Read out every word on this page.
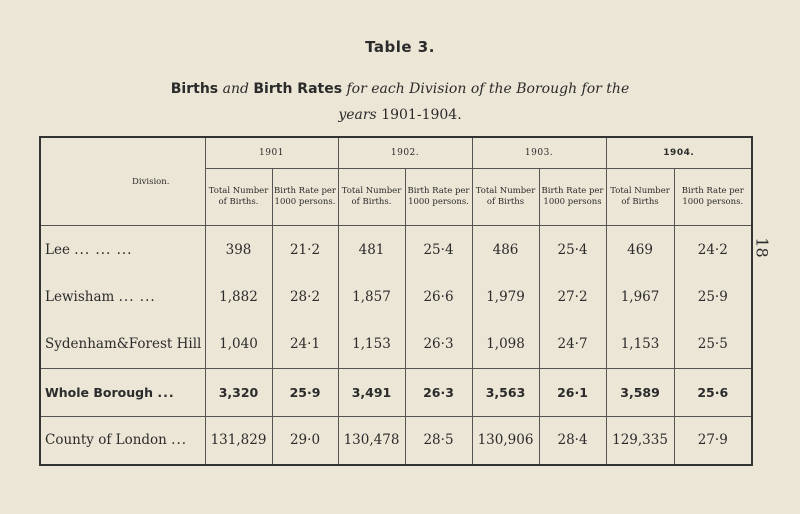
Table 3.
Births and Birth Rates for each Division of the Borough for the
years 1901-1904.
18
Division.	1901		1902.		1903.		1904.	
	Total Number of Births.	Birth Rate per 1000 persons.	Total Number of Births.	Birth Rate per 1000 persons.	Total Number of Births	Birth Rate per 1000 persons	Total Number of Births	Birth Rate per 1000 persons.
Lee ... ... ...	398	21·2	481	25·4	486	25·4	469	24·2
Lewisham ... ...	1,882	28·2	1,857	26·6	1,979	27·2	1,967	25·9
Sydenham&Forest Hill	1,040	24·1	1,153	26·3	1,098	24·7	1,153	25·5
Whole Borough ...	3,320	25·9	3,491	26·3	3,563	26·1	3,589	25·6
County of London ...	131,829	29·0	130,478	28·5	130,906	28·4	129,335	27·9
